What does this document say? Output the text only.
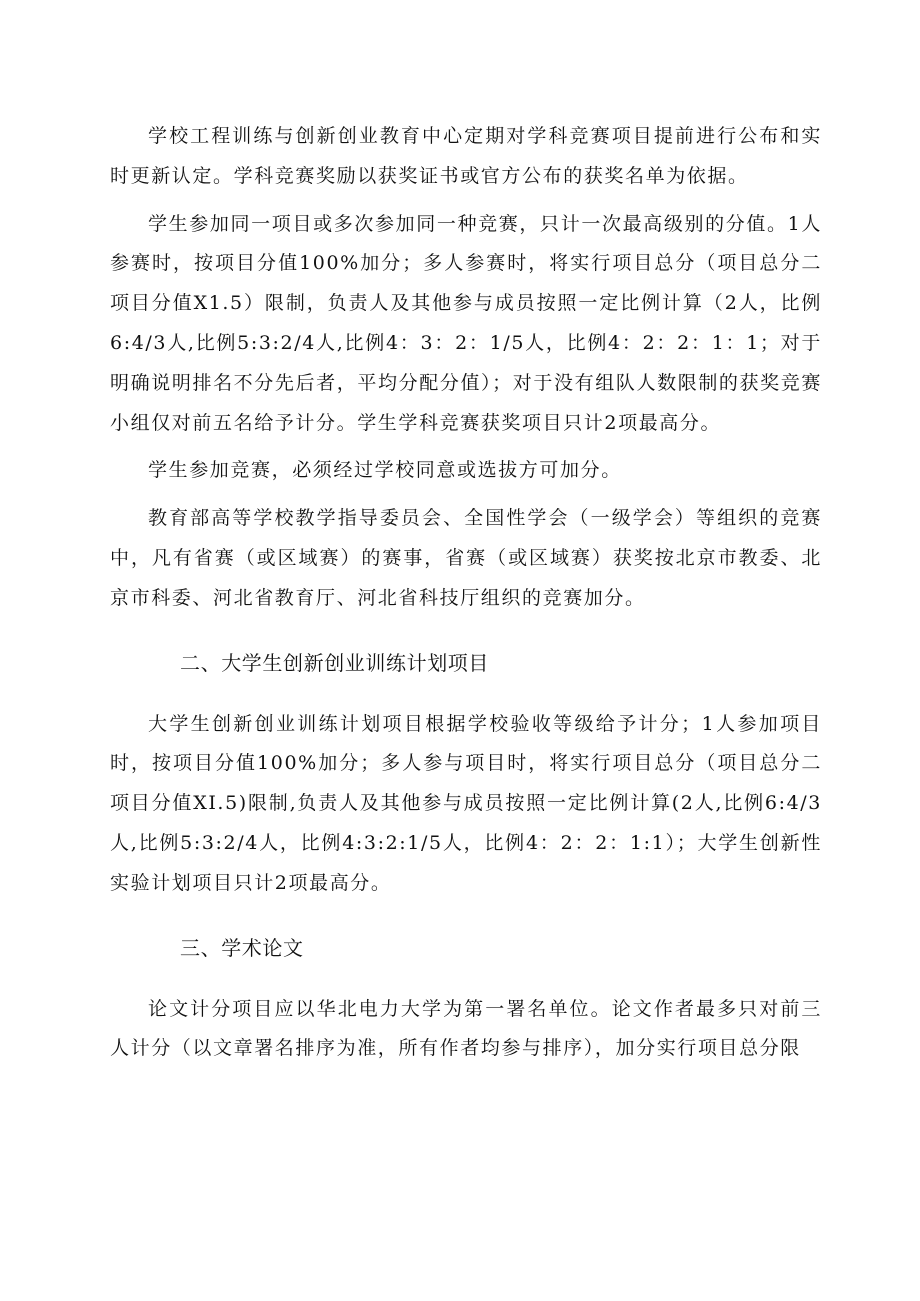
学校工程训练与创新创业教育中心定期对学科竞赛项目提前进行公布和实时更新认定。学科竞赛奖励以获奖证书或官方公布的获奖名单为依据。

学生参加同一项目或多次参加同一种竞赛，只计一次最高级别的分值。1人参赛时，按项目分值100%加分；多人参赛时，将实行项目总分（项目总分二项目分值X1.5）限制，负责人及其他参与成员按照一定比例计算（2人，比例6:4/3人,比例5:3:2/4人,比例4：3：2：1/5人，比例4：2：2：1：1；对于明确说明排名不分先后者，平均分配分值）；对于没有组队人数限制的获奖竞赛小组仅对前五名给予计分。学生学科竞赛获奖项目只计2项最高分。

学生参加竞赛，必须经过学校同意或选拔方可加分。

教育部高等学校教学指导委员会、全国性学会（一级学会）等组织的竞赛中，凡有省赛（或区域赛）的赛事，省赛（或区域赛）获奖按北京市教委、北京市科委、河北省教育厅、河北省科技厅组织的竞赛加分。

二、大学生创新创业训练计划项目

大学生创新创业训练计划项目根据学校验收等级给予计分；1人参加项目时，按项目分值100%加分；多人参与项目时，将实行项目总分（项目总分二项目分值XI.5)限制,负责人及其他参与成员按照一定比例计算(2人,比例6:4/3人,比例5:3:2/4人，比例4:3:2:1/5人，比例4：2：2：1:1）；大学生创新性实验计划项目只计2项最高分。

三、学术论文

论文计分项目应以华北电力大学为第一署名单位。论文作者最多只对前三人计分（以文章署名排序为准，所有作者均参与排序），加分实行项目总分限
